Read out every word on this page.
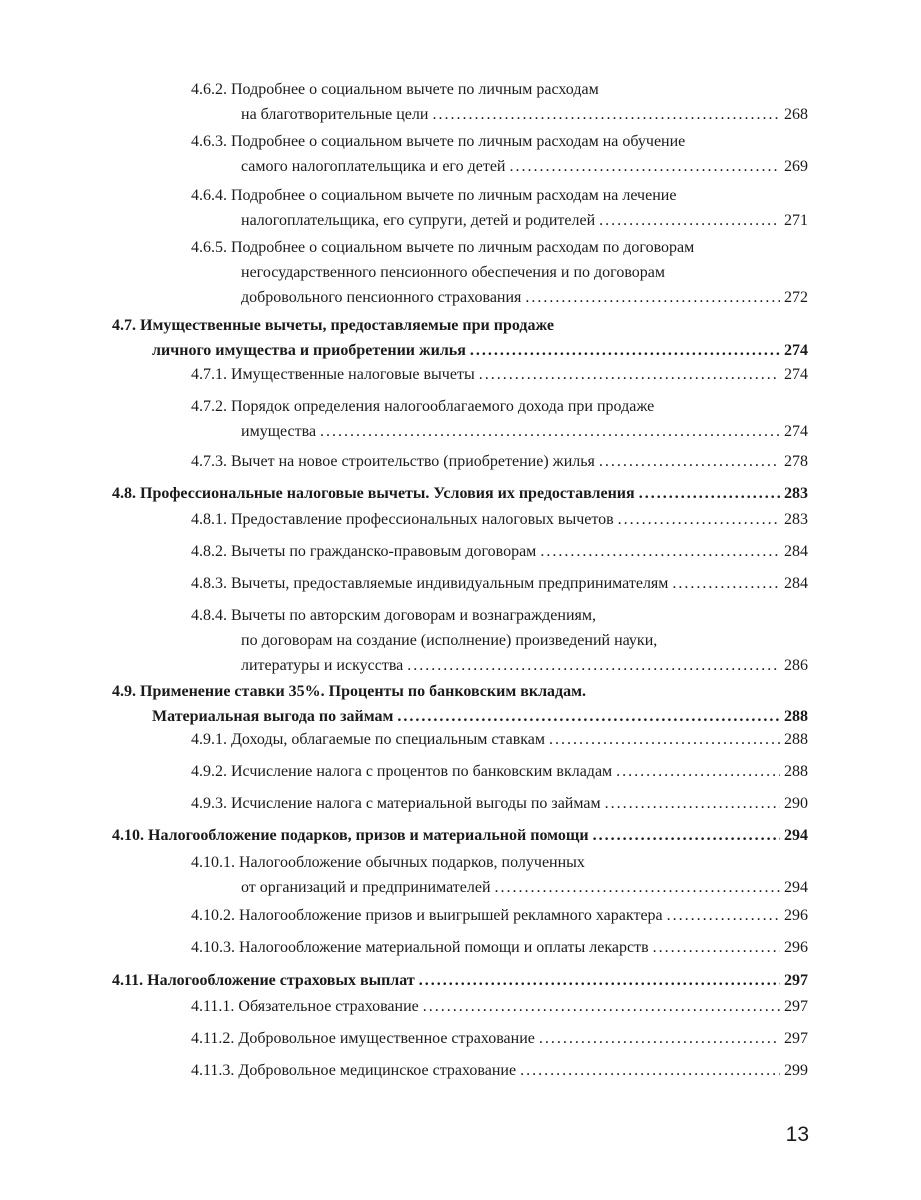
4.6.2. Подробнее о социальном вычете по личным расходам
на благотворительные цели . . .	268
4.6.3. Подробнее о социальном вычете по личным расходам на обучение
самого налогоплательщика и его детей . . .	269
4.6.4. Подробнее о социальном вычете по личным расходам на лечение
налогоплательщика, его супруги, детей и родителей . . .	271
4.6.5. Подробнее о социальном вычете по личным расходам по договорам
негосударственного пенсионного обеспечения и по договорам
добровольного пенсионного страхования . . .	272
4.7. Имущественные вычеты, предоставляемые при продаже
личного имущества и приобретении жилья . . .	274
4.7.1. Имущественные налоговые вычеты . . .	274
4.7.2. Порядок определения налогооблагаемого дохода при продаже
имущества . . .	274
4.7.3. Вычет на новое строительство (приобретение) жилья . . .	278
4.8. Профессиональные налоговые вычеты. Условия их предоставления . . .	283
4.8.1. Предоставление профессиональных налоговых вычетов . . .	283
4.8.2. Вычеты по гражданско-правовым договорам . . .	284
4.8.3. Вычеты, предоставляемые индивидуальным предпринимателям . . .	284
4.8.4. Вычеты по авторским договорам и вознаграждениям,
по договорам на создание (исполнение) произведений науки,
литературы и искусства . . .	286
4.9. Применение ставки 35%. Проценты по банковским вкладам.
Материальная выгода по займам . . .	288
4.9.1. Доходы, облагаемые по специальным ставкам . . .	288
4.9.2. Исчисление налога с процентов по банковским вкладам . . .	288
4.9.3. Исчисление налога с материальной выгоды по займам . . .	290
4.10. Налогообложение подарков, призов и материальной помощи . . .	294
4.10.1. Налогообложение обычных подарков, полученных
от организаций и предпринимателей . . .	294
4.10.2. Налогообложение призов и выигрышей рекламного характера . . .	296
4.10.3. Налогообложение материальной помощи и оплаты лекарств . . .	296
4.11. Налогообложение страховых выплат . . .	297
4.11.1. Обязательное страхование . . .	297
4.11.2. Добровольное имущественное страхование . . .	297
4.11.3. Добровольное медицинское страхование . . .	299
13
